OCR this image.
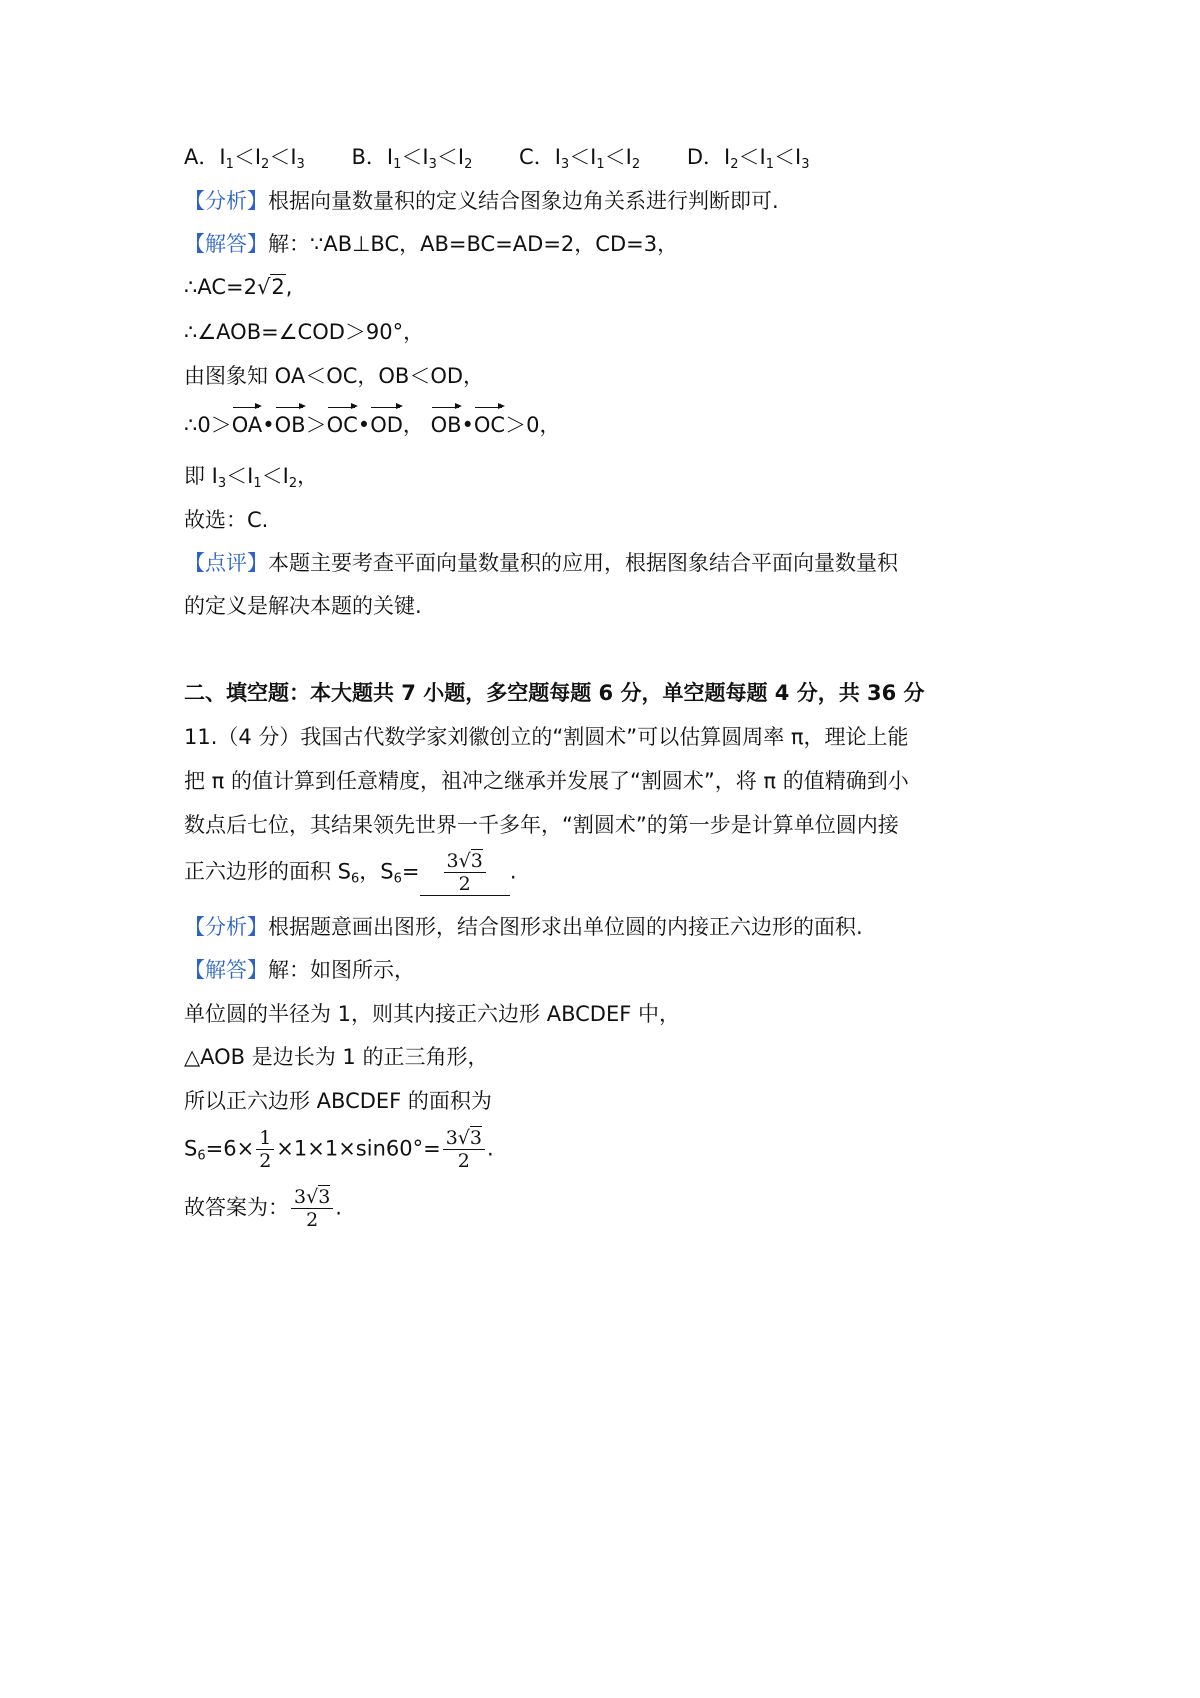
A．$I_1<I_2<I_3$ B．$I_1<I_3<I_2$ C．$I_3<I_1<I_2$ D．$I_2<I_1<I_3$
【分析】根据向量数量积的定义结合图象边角关系进行判断即可.
【解答】解：∵AB⊥BC，AB=BC=AD=2，CD=3，
∴AC=2√2,
∴∠AOB=∠COD＞90°，
由图象知 OA＜OC，OB＜OD，
∴0＞OA•OB＞OC•OD， OB•OC＞0，
即 $I_3<I_1<I_2$，
故选：C.
【点评】本题主要考查平面向量数量积的应用，根据图象结合平面向量数量积
的定义是解决本题的关键.
二、填空题：本大题共 7 小题，多空题每题 6 分，单空题每题 4 分，共 36 分
11.（4 分）我国古代数学家刘徽创立的“割圆术”可以估算圆周率 π，理论上能
把 π 的值计算到任意精度，祖冲之继承并发展了“割圆术”，将 π 的值精确到小
数点后七位，其结果领先世界一千多年，“割圆术”的第一步是计算单位圆内接
正六边形的面积 $S_6$，$S_6= \frac{3√3}{2}$ .
【分析】根据题意画出图形，结合图形求出单位圆的内接正六边形的面积.
【解答】解：如图所示，
单位圆的半径为 1，则其内接正六边形 ABCDEF 中，
△AOB 是边长为 1 的正三角形，
所以正六边形 ABCDEF 的面积为
$S_6=6\times \frac{1}{2} \times 1\times 1\times\sin 60^\circ= \frac{3√3}{2}$ .
故答案为： $\frac{3√3}{2}$ .
